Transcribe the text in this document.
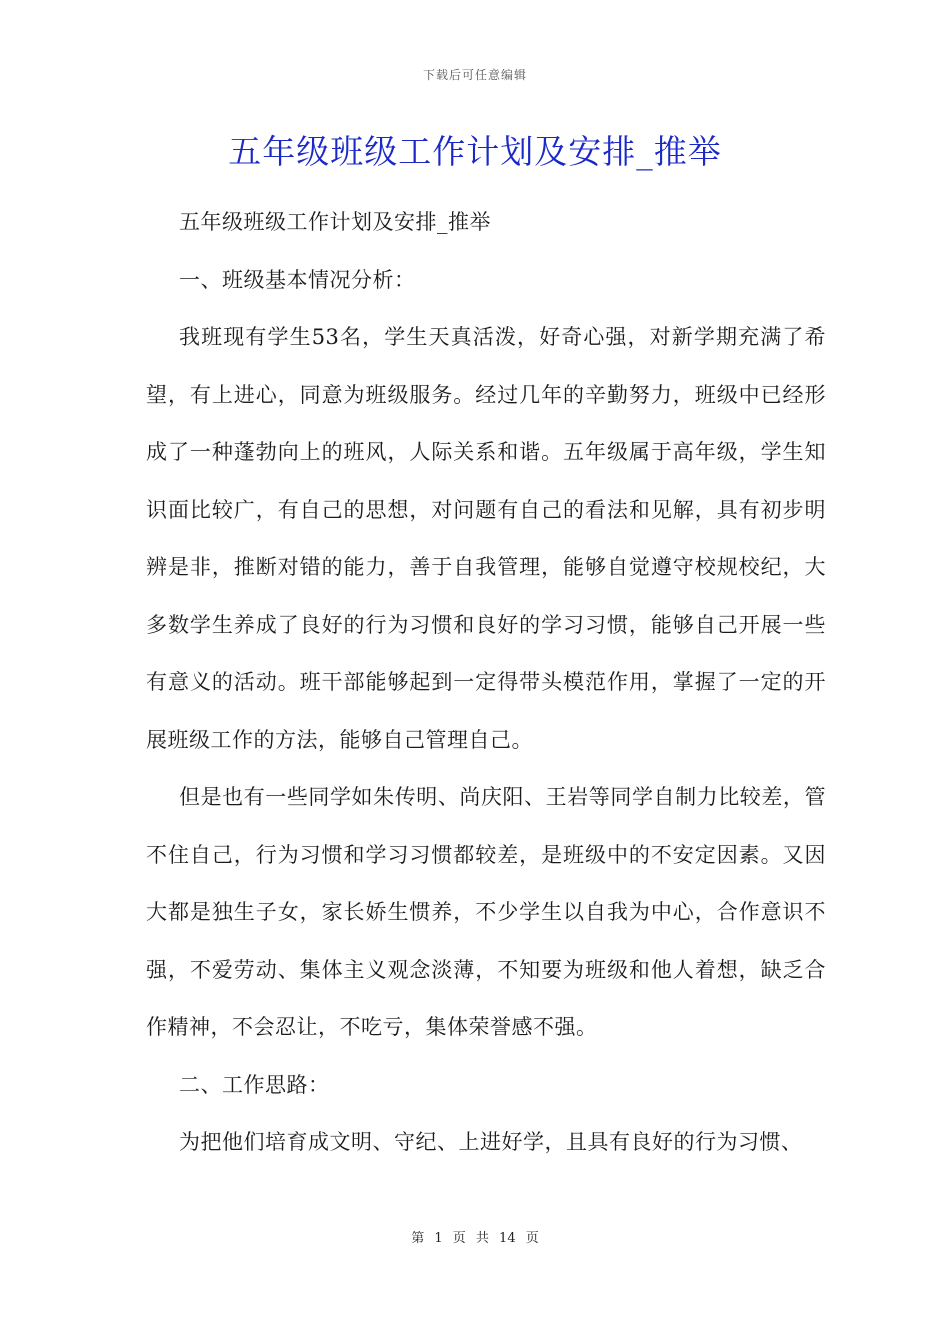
下载后可任意编辑
五年级班级工作计划及安排_推举

五年级班级工作计划及安排_推举

一、班级基本情况分析：

我班现有学生53名，学生天真活泼，好奇心强，对新学期充满了希望，有上进心，同意为班级服务。经过几年的辛勤努力，班级中已经形成了一种蓬勃向上的班风，人际关系和谐。五年级属于高年级，学生知识面比较广，有自己的思想，对问题有自己的看法和见解，具有初步明辨是非，推断对错的能力，善于自我管理，能够自觉遵守校规校纪，大多数学生养成了良好的行为习惯和良好的学习习惯，能够自己开展一些有意义的活动。班干部能够起到一定得带头模范作用，掌握了一定的开展班级工作的方法，能够自己管理自己。

但是也有一些同学如朱传明、尚庆阳、王岩等同学自制力比较差，管不住自己，行为习惯和学习习惯都较差，是班级中的不安定因素。又因大都是独生子女，家长娇生惯养，不少学生以自我为中心，合作意识不强，不爱劳动、集体主义观念淡薄，不知要为班级和他人着想，缺乏合作精神，不会忍让，不吃亏，集体荣誉感不强。

二、工作思路：

为把他们培育成文明、守纪、上进好学，且具有良好的行为习惯、

第 1 页 共 14 页
